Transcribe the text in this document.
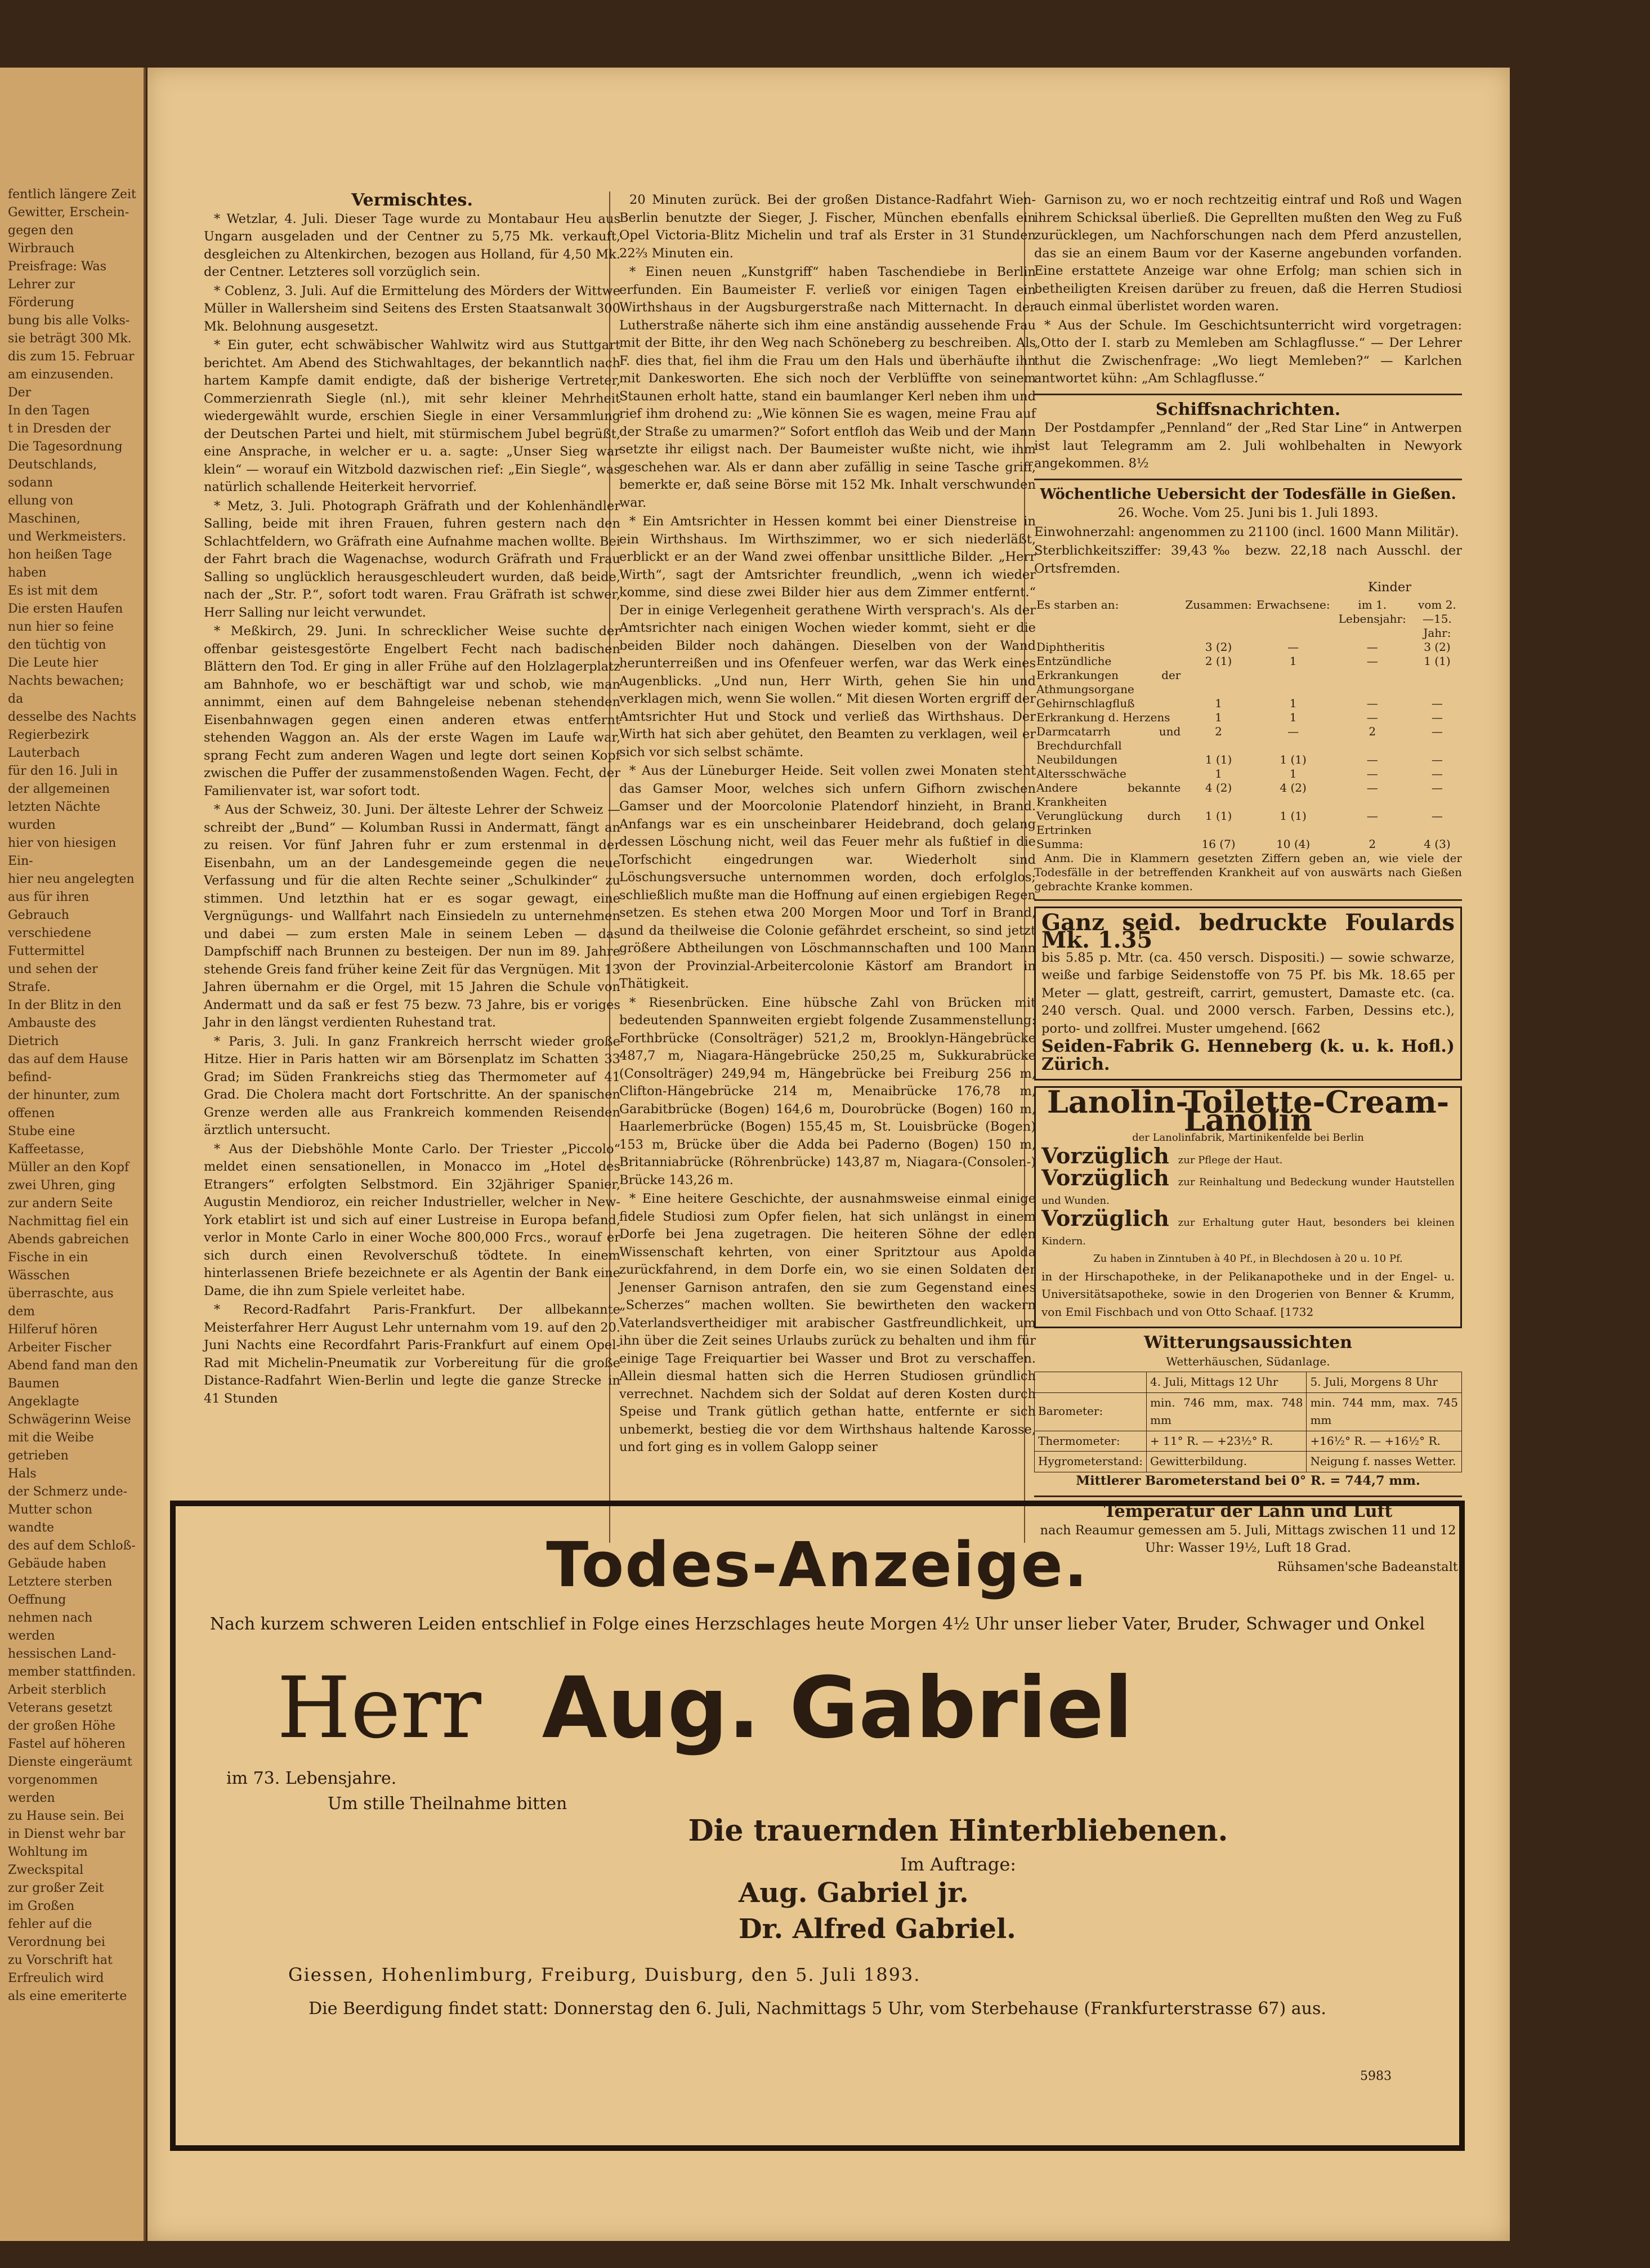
fentlich längere Zeit

Gewitter, Erschein-

gegen den Wirbrauch

Preisfrage: Was

Lehrer zur Förderung

bung bis alle Volks-

sie beträgt 300 Mk.

dis zum 15. Februar

am einzusenden. Der

In den Tagen

t in Dresden der

Die Tagesordnung

Deutschlands, sodann

ellung von Maschinen,

und Werkmeisters.

hon heißen Tage haben

Es ist mit dem

Die ersten Haufen

nun hier so feine

den tüchtig von

Die Leute hier

Nachts bewachen; da

desselbe des Nachts

Regierbezirk Lauterbach

für den 16. Juli in

der allgemeinen

letzten Nächte wurden

hier von hiesigen Ein-

hier neu angelegten

aus für ihren Gebrauch

verschiedene Futtermittel

und sehen der Strafe.

In der Blitz in den

Ambauste des Dietrich

das auf dem Hause befind-

der hinunter, zum offenen

Stube eine Kaffeetasse,

Müller an den Kopf

zwei Uhren, ging

zur andern Seite

Nachmittag fiel ein

Abends gabreichen

Fische in ein Wässchen

überraschte, aus dem

Hilferuf hören

Arbeiter Fischer

Abend fand man den

Baumen

Angeklagte

Schwägerinn Weise

mit die Weibe getrieben

Hals

der Schmerz unde-

Mutter schon wandte

des auf dem Schloß-

Gebäude haben

Letztere sterben

Oeffnung

nehmen nach werden

hessischen Land-

member stattfinden.

Arbeit sterblich

Veterans gesetzt

der großen Höhe

Fastel auf höheren

Dienste eingeräumt

vorgenommen werden

zu Hause sein. Bei

in Dienst wehr bar

Wohltung im Zweckspital

zur großer Zeit

im Großen

fehler auf die

Verordnung bei

zu Vorschrift hat

Erfreulich wird

als eine emeriterte

Vermischtes.

* Wetzlar, 4. Juli. Dieser Tage wurde zu Montabaur Heu aus Ungarn ausgeladen und der Centner zu 5,75 Mk. verkauft, desgleichen zu Altenkirchen, bezogen aus Holland, für 4,50 Mk. der Centner. Letzteres soll vorzüglich sein.

* Coblenz, 3. Juli. Auf die Ermittelung des Mörders der Wittwe Müller in Wallersheim sind Seitens des Ersten Staatsanwalt 300 Mk. Belohnung ausgesetzt.

* Ein guter, echt schwäbischer Wahlwitz wird aus Stuttgart berichtet. Am Abend des Stichwahltages, der bekanntlich nach hartem Kampfe damit endigte, daß der bisherige Vertreter, Commerzienrath Siegle (nl.), mit sehr kleiner Mehrheit wiedergewählt wurde, erschien Siegle in einer Versammlung der Deutschen Partei und hielt, mit stürmischem Jubel begrüßt, eine Ansprache, in welcher er u. a. sagte: „Unser Sieg war klein“ — worauf ein Witzbold dazwischen rief: „Ein Siegle“, was natürlich schallende Heiterkeit hervorrief.

* Metz, 3. Juli. Photograph Gräfrath und der Kohlenhändler Salling, beide mit ihren Frauen, fuhren gestern nach den Schlachtfeldern, wo Gräfrath eine Aufnahme machen wollte. Bei der Fahrt brach die Wagenachse, wodurch Gräfrath und Frau Salling so unglücklich herausgeschleudert wurden, daß beide, nach der „Str. P.“, sofort todt waren. Frau Gräfrath ist schwer, Herr Salling nur leicht verwundet.

* Meßkirch, 29. Juni. In schrecklicher Weise suchte der offenbar geistesgestörte Engelbert Fecht nach badischen Blättern den Tod. Er ging in aller Frühe auf den Holzlagerplatz am Bahnhofe, wo er beschäftigt war und schob, wie man annimmt, einen auf dem Bahngeleise nebenan stehenden Eisenbahnwagen gegen einen anderen etwas entfernt stehenden Waggon an. Als der erste Wagen im Laufe war, sprang Fecht zum anderen Wagen und legte dort seinen Kopf zwischen die Puffer der zusammenstoßenden Wagen. Fecht, der Familienvater ist, war sofort todt.

* Aus der Schweiz, 30. Juni. Der älteste Lehrer der Schweiz — schreibt der „Bund“ — Kolumban Russi in Andermatt, fängt an zu reisen. Vor fünf Jahren fuhr er zum erstenmal in der Eisenbahn, um an der Landesgemeinde gegen die neue Verfassung und für die alten Rechte seiner „Schulkinder“ zu stimmen. Und letzthin hat er es sogar gewagt, eine Vergnügungs- und Wallfahrt nach Einsiedeln zu unternehmen und dabei — zum ersten Male in seinem Leben — das Dampfschiff nach Brunnen zu besteigen. Der nun im 89. Jahre stehende Greis fand früher keine Zeit für das Vergnügen. Mit 13 Jahren übernahm er die Orgel, mit 15 Jahren die Schule von Andermatt und da saß er fest 75 bezw. 73 Jahre, bis er voriges Jahr in den längst verdienten Ruhestand trat.

* Paris, 3. Juli. In ganz Frankreich herrscht wieder große Hitze. Hier in Paris hatten wir am Börsenplatz im Schatten 33 Grad; im Süden Frankreichs stieg das Thermometer auf 41 Grad. Die Cholera macht dort Fortschritte. An der spanischen Grenze werden alle aus Frankreich kommenden Reisenden ärztlich untersucht.

* Aus der Diebshöhle Monte Carlo. Der Triester „Piccolo“ meldet einen sensationellen, in Monacco im „Hotel des Etrangers“ erfolgten Selbstmord. Ein 32jähriger Spanier, Augustin Mendioroz, ein reicher Industrieller, welcher in New-York etablirt ist und sich auf einer Lustreise in Europa befand, verlor in Monte Carlo in einer Woche 800,000 Frcs., worauf er sich durch einen Revolverschuß tödtete. In einem hinterlassenen Briefe bezeichnete er als Agentin der Bank eine Dame, die ihn zum Spiele verleitet habe.

* Record-Radfahrt Paris-Frankfurt. Der allbekannte Meisterfahrer Herr August Lehr unternahm vom 19. auf den 20. Juni Nachts eine Recordfahrt Paris-Frankfurt auf einem Opel-Rad mit Michelin-Pneumatik zur Vorbereitung für die große Distance-Radfahrt Wien-Berlin und legte die ganze Strecke in 41 Stunden

20 Minuten zurück. Bei der großen Distance-Radfahrt Wien-Berlin benutzte der Sieger, J. Fischer, München ebenfalls ein Opel Victoria-Blitz Michelin und traf als Erster in 31 Stunden 22⅔ Minuten ein.

* Einen neuen „Kunstgriff“ haben Taschendiebe in Berlin erfunden. Ein Baumeister F. verließ vor einigen Tagen ein Wirthshaus in der Augsburgerstraße nach Mitternacht. In der Lutherstraße näherte sich ihm eine anständig aussehende Frau mit der Bitte, ihr den Weg nach Schöneberg zu beschreiben. Als F. dies that, fiel ihm die Frau um den Hals und überhäufte ihn mit Dankesworten. Ehe sich noch der Verblüffte von seinem Staunen erholt hatte, stand ein baumlanger Kerl neben ihm und rief ihm drohend zu: „Wie können Sie es wagen, meine Frau auf der Straße zu umarmen?“ Sofort entfloh das Weib und der Mann setzte ihr eiligst nach. Der Baumeister wußte nicht, wie ihm geschehen war. Als er dann aber zufällig in seine Tasche griff, bemerkte er, daß seine Börse mit 152 Mk. Inhalt verschwunden war.

* Ein Amtsrichter in Hessen kommt bei einer Dienstreise in ein Wirthshaus. Im Wirthszimmer, wo er sich niederläßt, erblickt er an der Wand zwei offenbar unsittliche Bilder. „Herr Wirth“, sagt der Amtsrichter freundlich, „wenn ich wieder komme, sind diese zwei Bilder hier aus dem Zimmer entfernt.“ Der in einige Verlegenheit gerathene Wirth versprach's. Als der Amtsrichter nach einigen Wochen wieder kommt, sieht er die beiden Bilder noch dahängen. Dieselben von der Wand herunterreißen und ins Ofenfeuer werfen, war das Werk eines Augenblicks. „Und nun, Herr Wirth, gehen Sie hin und verklagen mich, wenn Sie wollen.“ Mit diesen Worten ergriff der Amtsrichter Hut und Stock und verließ das Wirthshaus. Der Wirth hat sich aber gehütet, den Beamten zu verklagen, weil er sich vor sich selbst schämte.

* Aus der Lüneburger Heide. Seit vollen zwei Monaten steht das Gamser Moor, welches sich unfern Gifhorn zwischen Gamser und der Moorcolonie Platendorf hinzieht, in Brand. Anfangs war es ein unscheinbarer Heidebrand, doch gelang dessen Löschung nicht, weil das Feuer mehr als fußtief in die Torfschicht eingedrungen war. Wiederholt sind Löschungsversuche unternommen worden, doch erfolglos; schließlich mußte man die Hoffnung auf einen ergiebigen Regen setzen. Es stehen etwa 200 Morgen Moor und Torf in Brand, und da theilweise die Colonie gefährdet erscheint, so sind jetzt größere Abtheilungen von Löschmannschaften und 100 Mann von der Provinzial-Arbeitercolonie Kästorf am Brandort in Thätigkeit.

* Riesenbrücken. Eine hübsche Zahl von Brücken mit bedeutenden Spannweiten ergiebt folgende Zusammenstellung: Forthbrücke (Consolträger) 521,2 m, Brooklyn-Hängebrücke 487,7 m, Niagara-Hängebrücke 250,25 m, Sukkurabrücke (Consolträger) 249,94 m, Hängebrücke bei Freiburg 256 m, Clifton-Hängebrücke 214 m, Menaibrücke 176,78 m, Garabitbrücke (Bogen) 164,6 m, Dourobrücke (Bogen) 160 m, Haarlemerbrücke (Bogen) 155,45 m, St. Louisbrücke (Bogen) 153 m, Brücke über die Adda bei Paderno (Bogen) 150 m, Britanniabrücke (Röhrenbrücke) 143,87 m, Niagara-(Consolen-) Brücke 143,26 m.

* Eine heitere Geschichte, der ausnahmsweise einmal einige fidele Studiosi zum Opfer fielen, hat sich unlängst in einem Dorfe bei Jena zugetragen. Die heiteren Söhne der edlen Wissenschaft kehrten, von einer Spritztour aus Apolda zurückfahrend, in dem Dorfe ein, wo sie einen Soldaten der Jenenser Garnison antrafen, den sie zum Gegenstand eines „Scherzes“ machen wollten. Sie bewirtheten den wackern Vaterlandsvertheidiger mit arabischer Gastfreundlichkeit, um ihn über die Zeit seines Urlaubs zurück zu behalten und ihm für einige Tage Freiquartier bei Wasser und Brot zu verschaffen. Allein diesmal hatten sich die Herren Studiosen gründlich verrechnet. Nachdem sich der Soldat auf deren Kosten durch Speise und Trank gütlich gethan hatte, entfernte er sich unbemerkt, bestieg die vor dem Wirthshaus haltende Karosse, und fort ging es in vollem Galopp seiner

Garnison zu, wo er noch rechtzeitig eintraf und Roß und Wagen ihrem Schicksal überließ. Die Geprellten mußten den Weg zu Fuß zurücklegen, um Nachforschungen nach dem Pferd anzustellen, das sie an einem Baum vor der Kaserne angebunden vorfanden. Eine erstattete Anzeige war ohne Erfolg; man schien sich in betheiligten Kreisen darüber zu freuen, daß die Herren Studiosi auch einmal überlistet worden waren.

* Aus der Schule. Im Geschichtsunterricht wird vorgetragen: „Otto der I. starb zu Memleben am Schlagflusse.“ — Der Lehrer thut die Zwischenfrage: „Wo liegt Memleben?“ — Karlchen antwortet kühn: „Am Schlagflusse.“

Schiffsnachrichten.

Der Postdampfer „Pennland“ der „Red Star Line“ in Antwerpen ist laut Telegramm am 2. Juli wohlbehalten in Newyork angekommen. 8½

Wöchentliche Uebersicht der Todesfälle in Gießen.

26. Woche. Vom 25. Juni bis 1. Juli 1893.

Einwohnerzahl: angenommen zu 21100 (incl. 1600 Mann Militär).

Sterblichkeitsziffer: 39,43‰ bezw. 22,18 nach Ausschl. der Ortsfremden.

Kinder

Es starben an:	Zusammen:	Erwachsene:	im 1. Lebensjahr:	vom 2.—15. Jahr:
Diphtheritis	3 (2)	—	—	3 (2)
Entzündliche Erkrankungen der Athmungsorgane	2 (1)	1	—	1 (1)
Gehirnschlagfluß	1	1	—	—
Erkrankung d. Herzens	1	1	—	—
Darmcatarrh und Brechdurchfall	2	—	2	—
Neubildungen	1 (1)	1 (1)	—	—
Altersschwäche	1	1	—	—
Andere bekannte Krankheiten	4 (2)	4 (2)	—	—
Verunglückung durch Ertrinken	1 (1)	1 (1)	—	—
Summa:	16 (7)	10 (4)	2	4 (3)

Anm. Die in Klammern gesetzten Ziffern geben an, wie viele der Todesfälle in der betreffenden Krankheit auf von auswärts nach Gießen gebrachte Kranke kommen.

Ganz seid. bedruckte Foulards Mk. 1.35
bis 5.85 p. Mtr. (ca. 450 versch. Dispositi.) — sowie schwarze, weiße und farbige Seidenstoffe von 75 Pf. bis Mk. 18.65 per Meter — glatt, gestreift, carrirt, gemustert, Damaste etc. (ca. 240 versch. Qual. und 2000 versch. Farben, Dessins etc.), porto- und zollfrei. Muster umgehend. [662
Seiden-Fabrik G. Henneberg (k. u. k. Hofl.) Zürich.
Lanolin-Toilette-Cream-Lanolin
der Lanolinfabrik, Martinikenfelde bei Berlin
Vorzüglich zur Pflege der Haut.
Vorzüglich zur Reinhaltung und Bedeckung wunder Hautstellen und Wunden.
Vorzüglich zur Erhaltung guter Haut, besonders bei kleinen Kindern.
Zu haben in Zinntuben à 40 Pf., in Blechdosen à 20 u. 10 Pf.
in der Hirschapotheke, in der Pelikanapotheke und in der Engel- u. Universitätsapotheke, sowie in den Drogerien von Benner & Krumm, von Emil Fischbach und von Otto Schaaf. [1732

Witterungsaussichten

Wetterhäuschen, Südanlage.

	4. Juli, Mittags 12 Uhr	5. Juli, Morgens 8 Uhr
Barometer:	min. 746 mm, max. 748 mm	min. 744 mm, max. 745 mm
Thermometer:	+ 11° R. — +23½° R.	+16½° R. — +16½° R.
Hygrometerstand:	Gewitterbildung.	Neigung f. nasses Wetter.

Mittlerer Barometerstand bei 0° R. = 744,7 mm.

Temperatur der Lahn und Luft

nach Reaumur gemessen am 5. Juli, Mittags zwischen 11 und 12 Uhr: Wasser 19½, Luft 18 Grad.

Rühsamen'sche Badeanstalt.

Todes-Anzeige.
Nach kurzem schweren Leiden entschlief in Folge eines Herzschlages heute Morgen 4½ Uhr unser lieber Vater, Bruder, Schwager und Onkel
Herr Aug. Gabriel
im 73. Lebensjahre.
Um stille Theilnahme bitten
Die trauernden Hinterbliebenen.
Im Auftrage:
Aug. Gabriel jr.
Dr. Alfred Gabriel.
Giessen, Hohenlimburg, Freiburg, Duisburg, den 5. Juli 1893.
5983
Die Beerdigung findet statt: Donnerstag den 6. Juli, Nachmittags 5 Uhr, vom Sterbehause (Frankfurterstrasse 67) aus.
